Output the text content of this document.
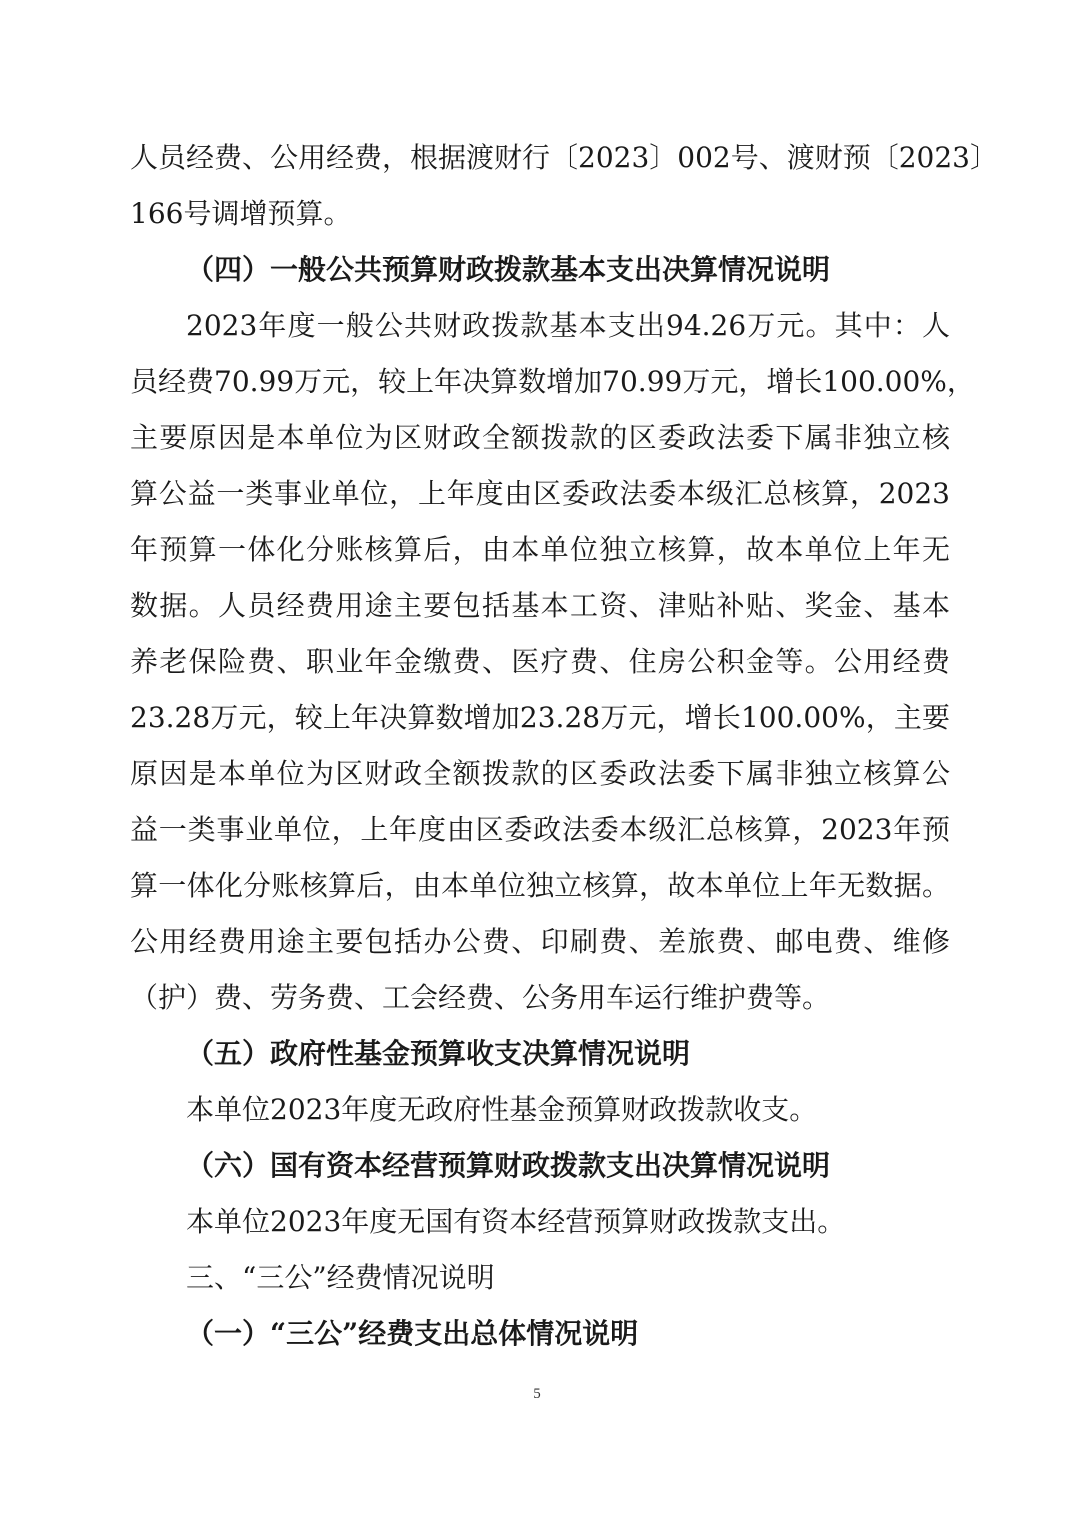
人员经费、公用经费，根据渡财行〔2023〕002号、渡财预〔2023〕
166号调增预算。
（四）一般公共预算财政拨款基本支出决算情况说明
2023年度一般公共财政拨款基本支出94.26万元。其中：人
员经费70.99万元，较上年决算数增加70.99万元，增长100.00%，
主要原因是本单位为区财政全额拨款的区委政法委下属非独立核
算公益一类事业单位，上年度由区委政法委本级汇总核算，2023
年预算一体化分账核算后，由本单位独立核算，故本单位上年无
数据。人员经费用途主要包括基本工资、津贴补贴、奖金、基本
养老保险费、职业年金缴费、医疗费、住房公积金等。公用经费
23.28万元，较上年决算数增加23.28万元，增长100.00%，主要
原因是本单位为区财政全额拨款的区委政法委下属非独立核算公
益一类事业单位，上年度由区委政法委本级汇总核算，2023年预
算一体化分账核算后，由本单位独立核算，故本单位上年无数据。
公用经费用途主要包括办公费、印刷费、差旅费、邮电费、维修
（护）费、劳务费、工会经费、公务用车运行维护费等。
（五）政府性基金预算收支决算情况说明
本单位2023年度无政府性基金预算财政拨款收支。
（六）国有资本经营预算财政拨款支出决算情况说明
本单位2023年度无国有资本经营预算财政拨款支出。
三、“三公”经费情况说明
（一）“三公”经费支出总体情况说明
5
